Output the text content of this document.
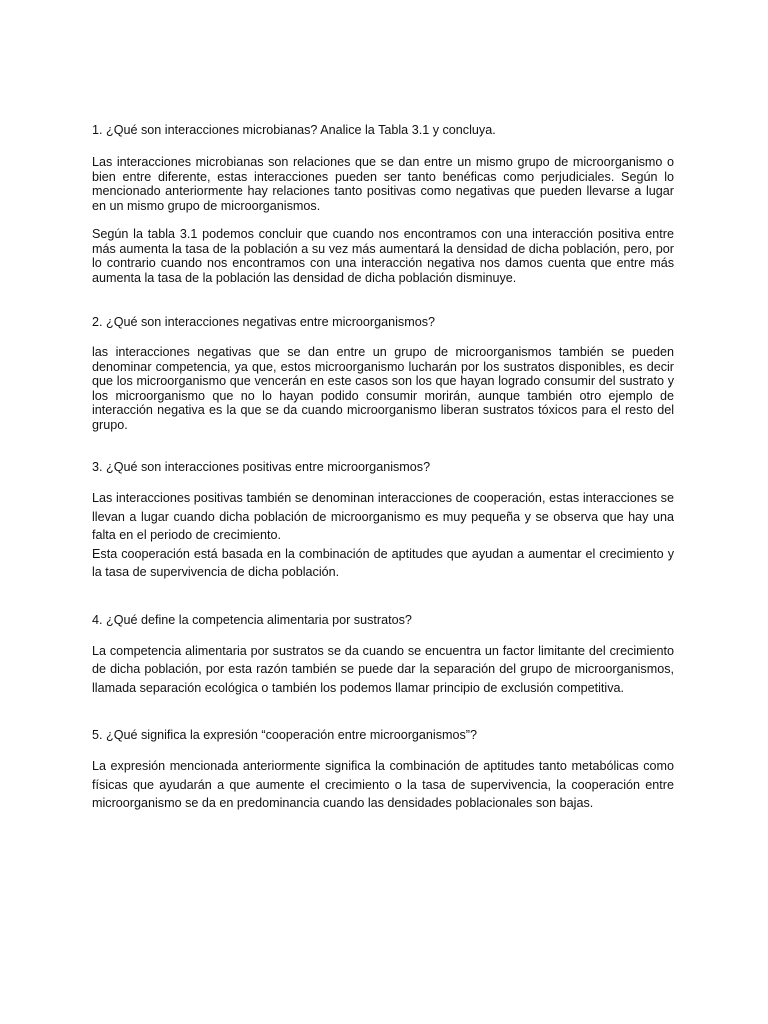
1. ¿Qué son interacciones microbianas? Analice la Tabla 3.1 y concluya.

Las interacciones microbianas son relaciones que se dan entre un mismo grupo de microorganismo o bien entre diferente, estas interacciones pueden ser tanto benéficas como perjudiciales. Según lo mencionado anteriormente hay relaciones tanto positivas como negativas que pueden llevarse a lugar en un mismo grupo de microorganismos.

Según la tabla 3.1 podemos concluir que cuando nos encontramos con una interacción positiva entre más aumenta la tasa de la población a su vez más aumentará la densidad de dicha población, pero, por lo contrario cuando nos encontramos con una interacción negativa nos damos cuenta que entre más aumenta la tasa de la población las densidad de dicha población disminuye.

2. ¿Qué son interacciones negativas entre microorganismos?

las interacciones negativas que se dan entre un grupo de microorganismos también se pueden denominar competencia, ya que, estos microorganismo lucharán por los sustratos disponibles, es decir que los microorganismo que vencerán en este casos son los que hayan logrado consumir del sustrato y los microorganismo que no lo hayan podido consumir morirán, aunque también otro ejemplo de interacción negativa es la que se da cuando microorganismo liberan sustratos tóxicos para el resto del grupo.

3. ¿Qué son interacciones positivas entre microorganismos?

Las interacciones positivas también se denominan interacciones de cooperación, estas interacciones se llevan a lugar cuando dicha población de microorganismo es muy pequeña y se observa que hay una falta en el periodo de crecimiento.

Esta cooperación está basada en la combinación de aptitudes que ayudan a aumentar el crecimiento y la tasa de supervivencia de dicha población.

4. ¿Qué define la competencia alimentaria por sustratos?

La competencia alimentaria por sustratos se da cuando se encuentra un factor limitante del crecimiento de dicha población, por esta razón también se puede dar la separación del grupo de microorganismos, llamada separación ecológica o también los podemos llamar principio de exclusión competitiva.

5. ¿Qué significa la expresión “cooperación entre microorganismos”?

La expresión mencionada anteriormente significa la combinación de aptitudes tanto metabólicas como físicas que ayudarán a que aumente el crecimiento o la tasa de supervivencia, la cooperación entre microorganismo se da en predominancia cuando las densidades poblacionales son bajas.
